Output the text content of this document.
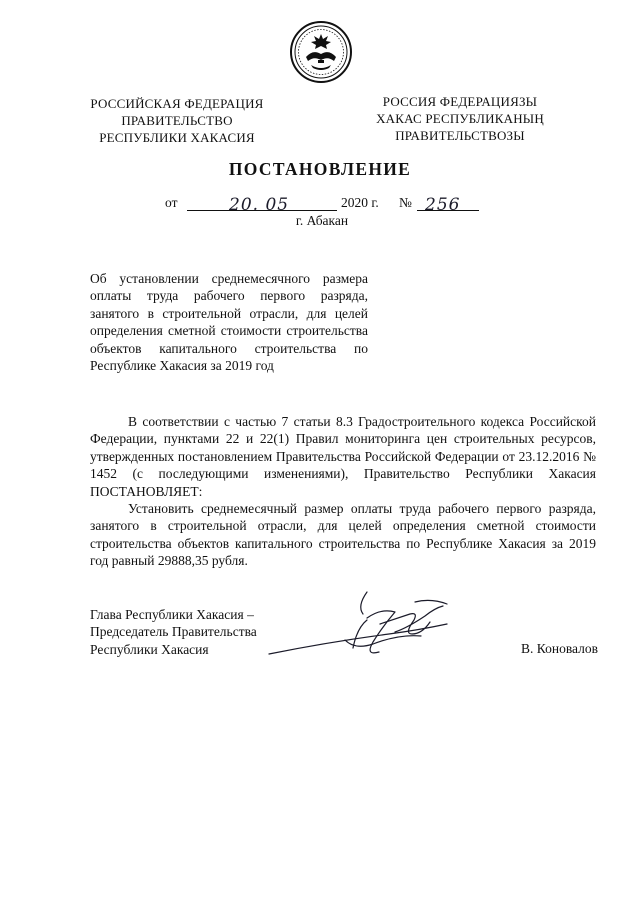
РОССИЙСКАЯ ФЕДЕРАЦИЯ
ПРАВИТЕЛЬСТВО
РЕСПУБЛИКИ ХАКАСИЯ
РОССИЯ ФЕДЕРАЦИЯЗЫ
ХАКАС РЕСПУБЛИКАНЫҢ
ПРАВИТЕЛЬСТВОЗЫ
ПОСТАНОВЛЕНИЕ
от	20. 05	2020 г. № 256
г. Абакан
Об установлении среднемесячного размера оплаты труда рабочего первого разряда, занятого в строительной отрасли, для целей определения сметной стоимости строительства объектов капитального строительства по Республике Хакасия за 2019 год

В соответствии с частью 7 статьи 8.3 Градостроительного кодекса Российской Федерации, пунктами 22 и 22(1) Правил мониторинга цен строительных ресурсов, утвержденных постановлением Правительства Российской Федерации от 23.12.2016 № 1452 (с последующими изменениями), Правительство Республики Хакасия ПОСТАНОВЛЯЕТ:

Установить среднемесячный размер оплаты труда рабочего первого разряда, занятого в строительной отрасли, для целей определения сметной стоимости строительства объектов капитального строительства по Республике Хакасия за 2019 год равный 29888,35 рубля.

Глава Республики Хакасия –
Председатель Правительства
Республики Хакасия	В. Коновалов
